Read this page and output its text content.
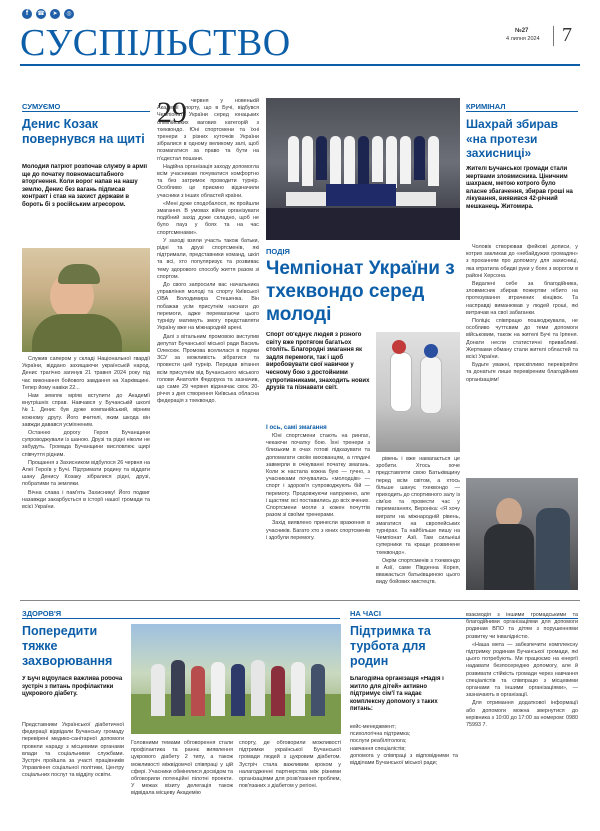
f	☎	➤	◎
СУСПІЛЬСТВО	№27
4 липня 2024 7
СУМУЄМО
Денис Козак повернувся на щиті
Молодий патріот розпочав службу в армії ще до початку повномасштабного вторгнення. Коли ворог напав на нашу землю, Денис без вагань підписав контракт і став на захист держави в бороть бі з російським агресором.

Служив сапером у складі Національної гвардії України, віддано захищаючи українській народ. Денис трагічно загинув 21 травня 2024 року під час виконання бойового завдання на Харківщині. Тепер йому навіки 22...

Нам земляк мріяв вступити до Академії внутрішніх справ. Навчався у Бучанській школі №1. Денис був дуже компанійський, вірним кожному другу. Його вчителі, яким шкода він завжди давався усміхненим.

Останню дорогу Героя Бучанщини супроводжували із шаною. Друзі та рідні ніколи не забудуть. Громада Бучанщини висловлює щирі співчуття рідним.

Прощання з Захисником відбулося 26 червня на Алеї Героїв у Бучі. Підтримати родину та віддати шану Денису Козаку зібралися рідні, друзі, побратими та земляки.

Вічна слава і пам'ять Захиснику! Його подвиг назавжди закарбується в історії нашої громади та всієї України.

29 червня у новенькій Академії спорту, що в Бучі, відбувся Чемпіонат України серед юнацьких олімпійських вагових категорій з тхеквондо. Юні спортсмени та їхні тренери з різних куточків України зібралися в одному великому залі, щоб позмагатися за право та бути на п'єдестал пошани.

Надійна організація заходу допомогла всім учасникам почуватися комфортно та без затримок проводити турнір. Особливо це приємно відзначили учасники з інших областей країни.

«Мені дуже сподобалося, як пройшли змагання. В умовах війни організувати подібний захід дуже складно, щоб не було пауз у боях та на час спортсменами».

У заході взяли участь також батьки, рідні та друзі спортсменів, які підтримали, представники команд, шкіл та всі, хто популяризує та розвиває тему здорового способу життя разом зі спортом.

До свого запросили вас начальника управління молоді та спорту Київської ОВА Володимира Стешенка. Він побажав усім присутнім наснаги до перемоги, адже перемагаючи цього турніру матимуть змогу представляти Україну вже на міжнародній арені.

Далі з вітальним промовою виступив депутат Бучанської міської ради Василь Олексюк. Промова вселилася в подяки ЗСУ за можливість зібратися та провести цей турнір. Передав вітання всім присутнім від Бучанського міського голови Анатолія Федорука та зазначив, що саме 29 червня відзначає своє 20-річчя з дня створення Київська обласна федерація з тхеквондо.

ПОДІЯ
Чемпіонат України з тхеквондо серед молоді
Спорт об'єднує людей з різного світу вже протягом багатьох століть. Благородні змагання як задля перемоги, так і щоб виробовувати свої навички у чесному бою з достойними супротивниками, знаходить нових друзів та пізнавати світ.
І ось, самі змагання

Юні спортсмени стають на рингах, чекаючи початку бою. Їхні тренери з близьким в очах готові підказувати та допомагати своїм вихованцям, а глядачі завмерли в очікуванні початку змагань. Коли ж настала кожна бую — гучно, з учасниками почувались «молодців» — спорт і здоров'я супроводжують бій — перемогу. Продовжуючи напружено, але і щастям: всі поставились до всіх вчених. Спортсмени могли з кожен почуттів разом зі своїми тренерами.

Захід виявлено принесли враження в учасників. Багато хто з юних спортсменів і здобули перемогу.

рівень і вже намагається це зробити. Хтось хоче представляти свою Батьківщину перед всім світом, а хтось більше шанує тхеквондо — приходить до спортивного залу із сім'єю та провести час у перемаганнях, Вероніка: «Я хочу виграти на міжнародній рівень, змагатися на європейських турнірах. Та найбільше пишу на Чемпіонат Азії. Там сильніші суперники та краще розвинене тхеквондо».

Окрім спортсменів з тхеквондо в Азії, саме Південна Корея, вважається батьківщиною цього виду бойових мистецтв.

КРИМІНАЛ
Шахрай збирав «на протези захисниці»
Жителі Бучанської громади стали жертвами зловмисника. Ціничним шахраєм, метою котрого було власне збагачення, збирав гроші на лікування, виявився 42-річний мешканець Житомира.

Чоловік створював фейкові дописи, у котрих закликав до «небайдужих громадян» з проханням про допомогу для захисниці, яка втратила обидві руки у боях з ворогом в районі Херсона.

Видалені себе за благодійника, зловмисник збирав пожертви нібито на протезування втрачених кінцівок. Та насправді виманював у людей гроші, які витрачав на свої забаганки.

Поліціє співпрацю пошкоджувала, не особливо чуттєвим до теми допомоги військовим, також на жителі Бучі та Ірпеня. Донати несли статистичні привабливі. Жертвами обману стали жителі областей та всієї України.

Будьте уважні, прискіпливо перевіряйте та донатьте лише перевіреним благодійним організаціям!

ЗДОРОВ'Я
Попередити тяжке захворювання
У Бучі відбулася важлива робоча зустріч з питань профілактики цукрового діабету.
Представники Української діабетичної федерації відвідали Бучанську громаду перевірені медико-санітарної допомоги провели нараду з місцевими органами влади та соціальними службами. Зустріч пройшла за участі працівників Управління соціальної політики, Центру соціальних послуг та відділу освіти.
Головними темами обговорення стали профілактика та раннє виявлення цукрового діабету 2 типу, а також можливості міжвідомчої співпраці у цій сфері. Учасники обмінялися досвідом та обговорили потенційні пілотні проекти. У межах візиту делегація також відвідала місцеву Академію
спорту, де обговорили можливості підтримки української Бучанської громади людей з цукровим діабетом. Зустріч стала важливим кроком у налагодженні партнерства між різними організаціями для розв'язання проблем, пов'язаних з діабетом у регіоні.
НА ЧАСІ
Підтримка та турбота для родин
Благодійна організація «Надія і житло для дітей» активно підтримує сім'ї та надає комплексну допомогу з таких питань:
кейс-менеджмент;
психологічна підтримка;
послуги реабілітолога;
навчання спеціалістів;
допомога у співпраці з відповідними та відділами Бучанської міської ради;

взаємодія з іншими громадськими та благодійними організаціями для допомоги родинам ВПО та дітям з порушеннями розвитку чи інвалідністю.

«Наша мета — забезпечити комплексну підтримку родинам Бучанської громади, які цього потребують. Ми працюємо на енергії надавати безпосередню допомогу, але й розвивати стійкість громади через навчання спеціалістів та співпрацю з місцевими органами та іншими організаціями», — зазначають в організації.

Для отримання додаткової інформації або допомоги можна звернутися до керівника з 10:00 до 17:00 за номером: 0980 75993 7.
